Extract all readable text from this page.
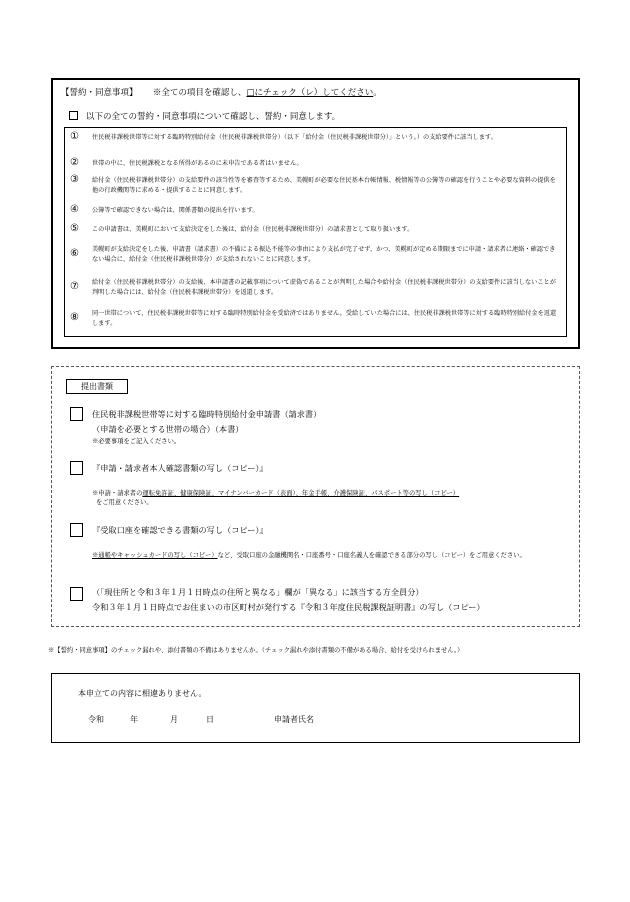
【誓約・同意事項】 ※全ての項目を確認し、□にチェック（レ）してください。
以下の全ての誓約・同意事項について確認し、誓約・同意します。
① 住民税非課税世帯等に対する臨時特別給付金（住民税非課税世帯分）（以下「給付金（住民税非課税世帯分）」という。）の支給要件に該当します。
② 世帯の中に、住民税課税となる所得があるのに未申告である者はいません。
③ 給付金（住民税非課税世帯分）の支給要件の該当性等を審査等するため、美幌町が必要な住民基本台帳情報、税情報等の公簿等の確認を行うことや必要な資料の提供を他の行政機関等に求める・提供することに同意します。
④ 公簿等で確認できない場合は、関係書類の提出を行います。
⑤ この申請書は、美幌町において支給決定をした後は、給付金（住民税非課税世帯分）の請求書として取り扱います。
⑥ 美幌町が支給決定をした後、申請書（請求書）の不備による振込不能等の事由により支払が完了せず、かつ、美幌町が定める期限までに申請・請求者に連絡・確認できない場合に、給付金（住民税非課税世帯分）が支給されないことに同意します。
⑦ 給付金（住民税非課税世帯分）の支給後、本申請書の記載事項について虚偽であることが判明した場合や給付金（住民税非課税世帯分）の支給要件に該当しないことが判明した場合には、給付金（住民税非課税世帯分）を返還します。
⑧ 同一世帯について、住民税非課税世帯等に対する臨時特別給付金を受給済ではありません。受給していた場合には、住民税非課税世帯等に対する臨時特別給付金を返還します。
提出書類
住民税非課税世帯等に対する臨時特別給付金申請書（請求書）
（申請を必要とする世帯の場合）（本書）
※必要事項をご記入ください。
『申請・請求者本人確認書類の写し（コピー）』
※申請・請求者の運転免許証、健康保険証、マイナンバーカード（表面）、年金手帳、介護保険証、パスポート等の写し（コピー）
をご用意ください。
『受取口座を確認できる書類の写し（コピー）』
※通帳やキャッシュカードの写し（コピー）など、受取口座の金融機関名・口座番号・口座名義人を確認できる部分の写し（コピー）をご用意ください。
（「現住所と令和３年１月１日時点の住所と異なる」欄が「異なる」に該当する方全員分）
令和３年１月１日時点でお住まいの市区町村が発行する『令和３年度住民税課税証明書』の写し（コピー）
※【誓約・同意事項】のチェック漏れや、添付書類の不備はありませんか。（チェック漏れや添付書類の不備がある場合、給付を受けられません。）
本申立ての内容に相違ありません。
令和	年	月	日	申請者氏名
